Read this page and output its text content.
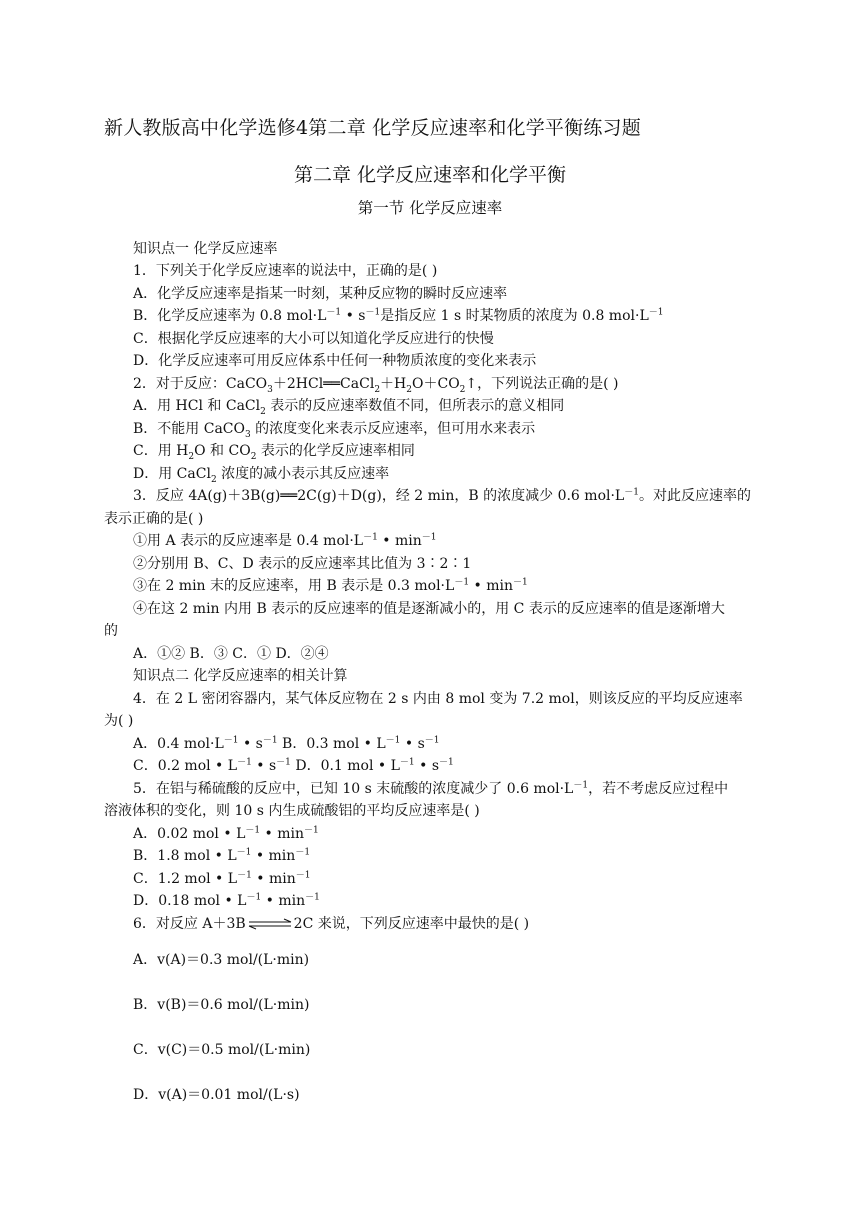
新人教版高中化学选修4第二章 化学反应速率和化学平衡练习题
第二章 化学反应速率和化学平衡
第一节 化学反应速率
知识点一 化学反应速率
1．下列关于化学反应速率的说法中，正确的是( )
A．化学反应速率是指某一时刻，某种反应物的瞬时反应速率
B．化学反应速率为 0.8 $mol\cdot L^{-1}$ • $s^{-1}$是指反应 1 s 时某物质的浓度为 0.8 $mol\cdot L^{-1}$
C．根据化学反应速率的大小可以知道化学反应进行的快慢
D．化学反应速率可用反应体系中任何一种物质浓度的变化来表示
2．对于反应：$CaCO_3+2HCl══CaCl_2+H_2O+CO_2↑$，下列说法正确的是( )
A．用 HCl 和 CaCl$_2$ 表示的反应速率数值不同，但所表示的意义相同
B．不能用 CaCO$_3$ 的浓度变化来表示反应速率，但可用水来表示
C．用 $H_2O$ 和 $CO_2$ 表示的化学反应速率相同
D．用 CaCl$_2$ 浓度的减小表示其反应速率
3．反应 4A(g)＋3B(g)══2C(g)＋D(g)，经 2 min，B 的浓度减少 0.6 $mol\cdot L^{-1}$。对此反应速率的
表示正确的是( )
①用 A 表示的反应速率是 0.4 $mol\cdot L^{-1}$ • $\min^{-1}$
②分别用 B、C、D 表示的反应速率其比值为 3∶2∶1
③在 2 min 末的反应速率，用 B 表示是 0.3 $mol\cdot L^{-1}$ • $\min^{-1}$
④在这 2 min 内用 B 表示的反应速率的值是逐渐减小的，用 C 表示的反应速率的值是逐渐增大
的
A．①② B．③ C．① D．②④
知识点二 化学反应速率的相关计算
4．在 2 L 密闭容器内，某气体反应物在 2 s 内由 8 mol 变为 7.2 mol，则该反应的平均反应速率
为( )
A．0.4 $mol\cdot L^{-1}$ • $s^{-1}$ B．0.3 mol • $L^{-1}$ • $s^{-1}$
C．0.2 mol • $L^{-1}$ • $s^{-1}$ D．0.1 mol • $L^{-1}$ • $s^{-1}$
5．在铝与稀硫酸的反应中，已知 10 s 末硫酸的浓度减少了 0.6 $mol\cdot L^{-1}$，若不考虑反应过程中
溶液体积的变化，则 10 s 内生成硫酸铝的平均反应速率是( )
A．0.02 mol • $L^{-1}$ • $\min^{-1}$
B．1.8 mol • $L^{-1}$ • $\min^{-1}$
C．1.2 mol • $L^{-1}$ • $\min^{-1}$
D．0.18 mol • $L^{-1}$ • $\min^{-1}$
6．对反应 A＋3B⇌2C 来说，下列反应速率中最快的是( )
A．v(A)＝0.3 mol/(L·min)
B．v(B)＝0.6 mol/(L·min)
C．v(C)＝0.5 mol/(L·min)
D．v(A)＝0.01 mol/(L·s)
